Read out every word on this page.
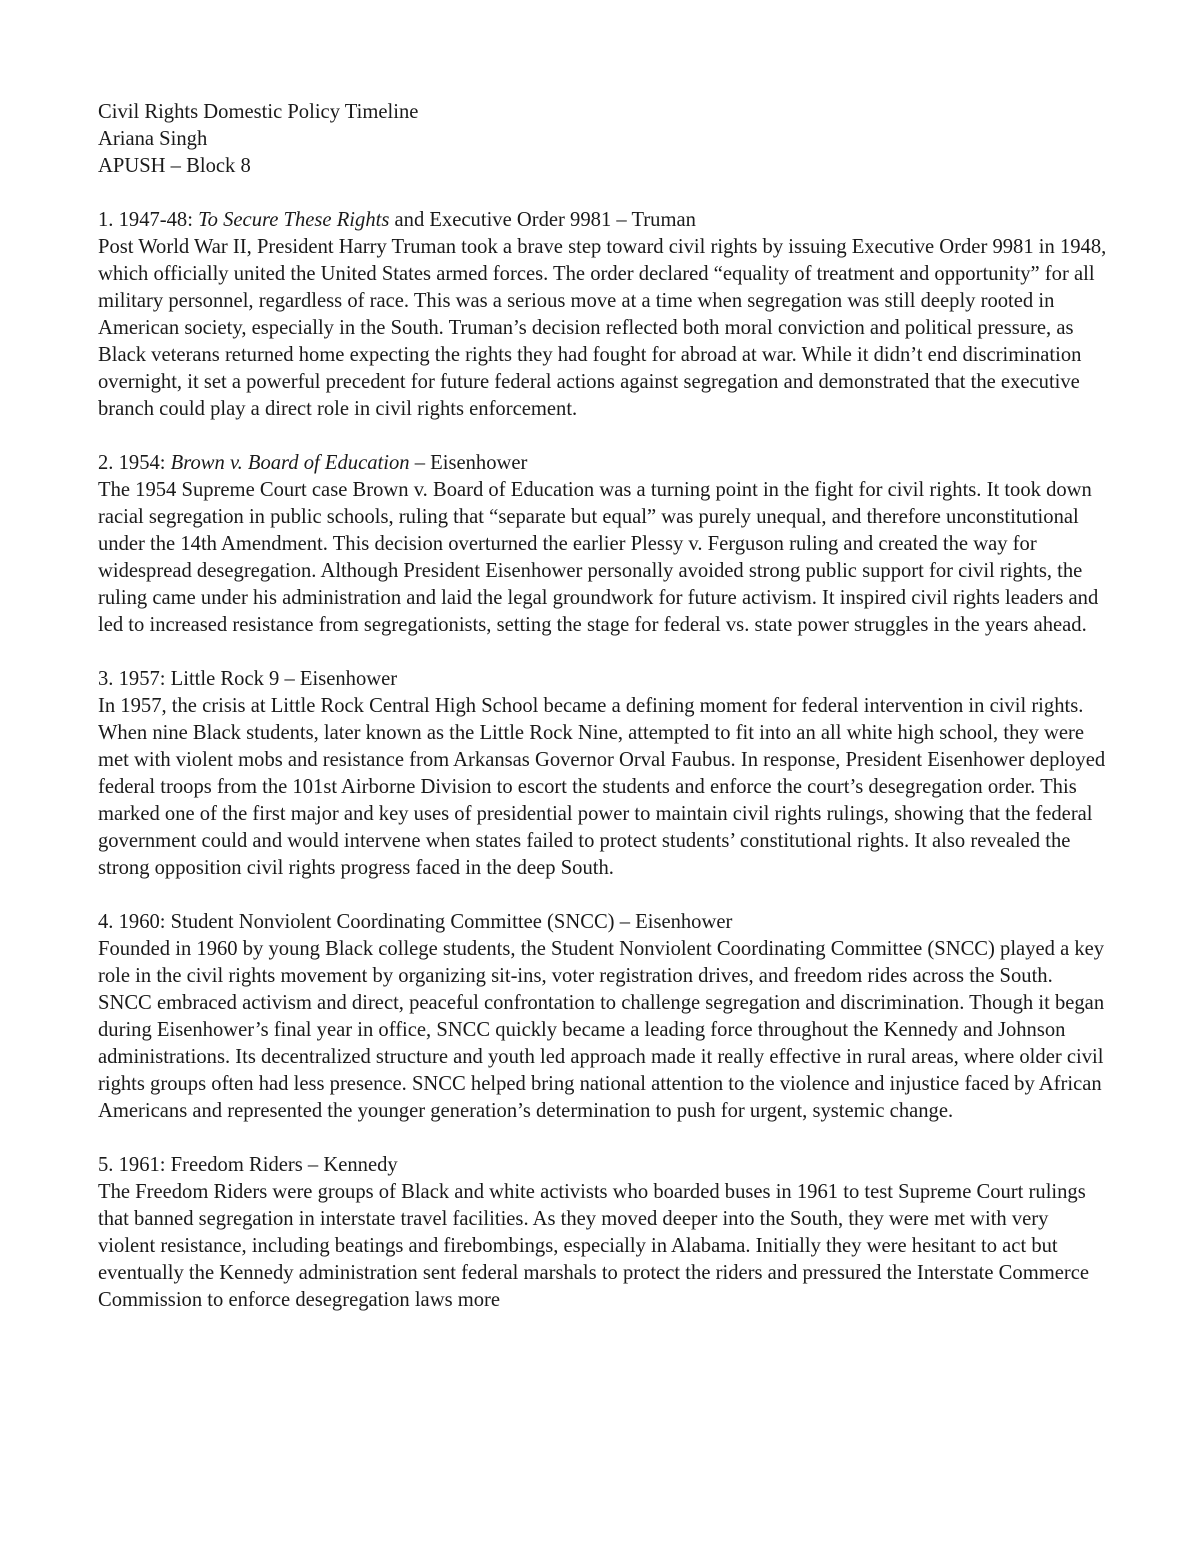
Civil Rights Domestic Policy Timeline
Ariana Singh
APUSH – Block 8
1. 1947-48: To Secure These Rights and Executive Order 9981 – Truman

Post World War II, President Harry Truman took a brave step toward civil rights by issuing Executive Order 9981 in 1948, which officially united the United States armed forces. The order declared “equality of treatment and opportunity” for all military personnel, regardless of race. This was a serious move at a time when segregation was still deeply rooted in American society, especially in the South. Truman’s decision reflected both moral conviction and political pressure, as Black veterans returned home expecting the rights they had fought for abroad at war. While it didn’t end discrimination overnight, it set a powerful precedent for future federal actions against segregation and demonstrated that the executive branch could play a direct role in civil rights enforcement.

2. 1954: Brown v. Board of Education – Eisenhower

The 1954 Supreme Court case Brown v. Board of Education was a turning point in the fight for civil rights. It took down racial segregation in public schools, ruling that “separate but equal” was purely unequal, and therefore unconstitutional under the 14th Amendment. This decision overturned the earlier Plessy v. Ferguson ruling and created the way for widespread desegregation. Although President Eisenhower personally avoided strong public support for civil rights, the ruling came under his administration and laid the legal groundwork for future activism. It inspired civil rights leaders and led to increased resistance from segregationists, setting the stage for federal vs. state power struggles in the years ahead.

3. 1957: Little Rock 9 – Eisenhower

In 1957, the crisis at Little Rock Central High School became a defining moment for federal intervention in civil rights. When nine Black students, later known as the Little Rock Nine, attempted to fit into an all white high school, they were met with violent mobs and resistance from Arkansas Governor Orval Faubus. In response, President Eisenhower deployed federal troops from the 101st Airborne Division to escort the students and enforce the court’s desegregation order. This marked one of the first major and key uses of presidential power to maintain civil rights rulings, showing that the federal government could and would intervene when states failed to protect students’ constitutional rights. It also revealed the strong opposition civil rights progress faced in the deep South.

4. 1960: Student Nonviolent Coordinating Committee (SNCC) – Eisenhower

Founded in 1960 by young Black college students, the Student Nonviolent Coordinating Committee (SNCC) played a key role in the civil rights movement by organizing sit-ins, voter registration drives, and freedom rides across the South. SNCC embraced activism and direct, peaceful confrontation to challenge segregation and discrimination. Though it began during Eisenhower’s final year in office, SNCC quickly became a leading force throughout the Kennedy and Johnson administrations. Its decentralized structure and youth led approach made it really effective in rural areas, where older civil rights groups often had less presence. SNCC helped bring national attention to the violence and injustice faced by African Americans and represented the younger generation’s determination to push for urgent, systemic change.

5. 1961: Freedom Riders – Kennedy

The Freedom Riders were groups of Black and white activists who boarded buses in 1961 to test Supreme Court rulings that banned segregation in interstate travel facilities. As they moved deeper into the South, they were met with very violent resistance, including beatings and firebombings, especially in Alabama. Initially they were hesitant to act but eventually the Kennedy administration sent federal marshals to protect the riders and pressured the Interstate Commerce Commission to enforce desegregation laws more
